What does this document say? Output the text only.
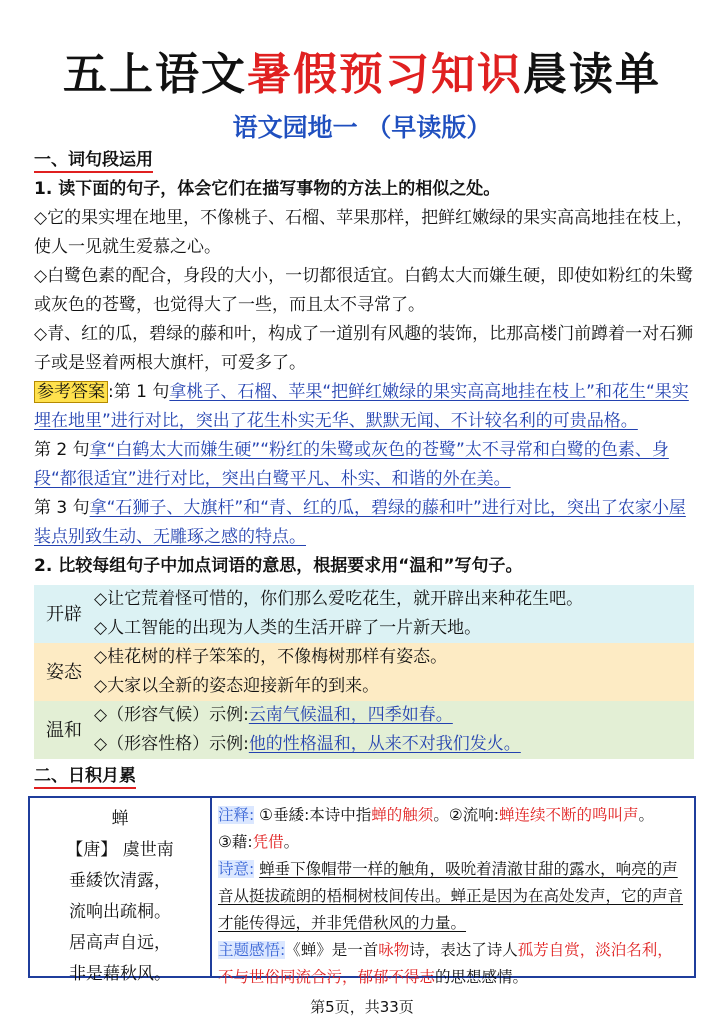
五上语文暑假预习知识晨读单
语文园地一 （早读版）
一、词句段运用

1. 读下面的句子，体会它们在描写事物的方法上的相似之处。

◇它的果实埋在地里，不像桃子、石榴、苹果那样，把鲜红嫩绿的果实高高地挂在枝上，使人一见就生爱慕之心。

◇白鹭色素的配合，身段的大小，一切都很适宜。白鹤太大而嫌生硬，即使如粉红的朱鹭或灰色的苍鹭，也觉得大了一些，而且太不寻常了。

◇青、红的瓜，碧绿的藤和叶，构成了一道别有风趣的装饰，比那高楼门前蹲着一对石狮子或是竖着两根大旗杆，可爱多了。

参考答案 :第 1 句拿桃子、石榴、苹果“把鲜红嫩绿的果实高高地挂在枝上”和花生“果实埋在地里”进行对比，突出了花生朴实无华、默默无闻、不计较名利的可贵品格。

第 2 句拿“白鹤太大而嫌生硬”“粉红的朱鹭或灰色的苍鹭”太不寻常和白鹭的色素、身段“都很适宜”进行对比，突出白鹭平凡、朴实、和谐的外在美。

第 3 句拿“石狮子、大旗杆”和“青、红的瓜，碧绿的藤和叶”进行对比，突出了农家小屋装点别致生动、无雕琢之感的特点。

2. 比较每组句子中加点词语的意思，根据要求用“温和”写句子。

开辟	◇让它荒着怪可惜的，你们那么爱吃花生，就开辟出来种花生吧。
	◇人工智能的出现为人类的生活开辟了一片新天地。
姿态	◇桂花树的样子笨笨的，不像梅树那样有姿态。
	◇大家以全新的姿态迎接新年的到来。
温和	◇（形容气候）示例:云南气候温和，四季如春。
	◇（形容性格）示例:他的性格温和，从来不对我们发火。
二、日积月累
蝉
【唐】 虞世南
垂緌饮清露，
流响出疏桐。
居高声自远，
非是藉秋风。
注释: ①垂緌:本诗中指蝉的触须。②流响:蝉连续不断的鸣叫声。
③藉:凭借。
诗意: 蝉垂下像帽带一样的触角，吸吮着清澈甘甜的露水，响亮的声音从挺拔疏朗的梧桐树枝间传出。蝉正是因为在高处发声，它的声音才能传得远，并非凭借秋风的力量。
主题感悟:《蝉》是一首咏物诗，表达了诗人孤芳自赏，淡泊名利，不与世俗同流合污，郁郁不得志的思想感情。
第5页，共33页
